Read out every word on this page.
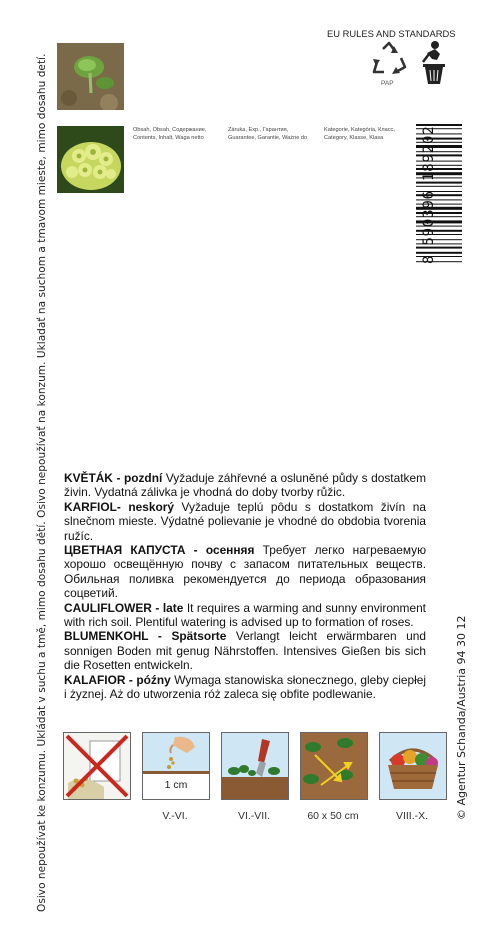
Osivo nepoužívat ke konzumu. Ukládat v suchu a tmě, mimo dosahu dětí. Osivo nepoužívať na konzum. Ukladať na suchom a tmavom mieste, mimo dosahu detí.	© Agentur Schanda/Austria 94 30 12
EU RULES AND STANDARDS
PAP
Obsah, Obsah, Содержание,
Contents, Inhalt, Waga netto
Záruka, Exp., Гарантия,
Guarantee, Garantie, Ważne do
Kategorie, Kategória, Класс,
Category, Klasse, Klasa	8 590396 189202

KVĚTÁK - pozdní Vyžaduje záhřevné a osluněné půdy s dostatkem živin. Vydatná zálivka je vhodná do doby tvorby růžic.

KARFIOL- neskorý Vyžaduje teplú pôdu s dostatkom živín na slnečnom mieste. Výdatné polievanie je vhodné do obdobia tvorenia ružíc.

ЦВЕТНАЯ КАПУСТА - осенняя Требует легко нагреваемую хорошо освещённую почву с запасом питательных веществ. Обильная поливка рекомендуется до периода образования соцветий.

CAULIFLOWER - late It requires a warming and sunny environment with rich soil. Plentiful watering is advised up to formation of roses.

BLUMENKOHL - Spätsorte Verlangt leicht erwärmbaren und sonnigen Boden mit genug Nährstoffen. Intensives Gießen bis sich die Rosetten entwickeln.

KALAFIOR - późny Wymaga stanowiska słonecznego, gleby ciepłej i żyznej. Aż do utworzenia róż zaleca się obfite podlewanie.

1 cm
V.-VI.	VI.-VII.	60 x 50 cm	VIII.-X.
